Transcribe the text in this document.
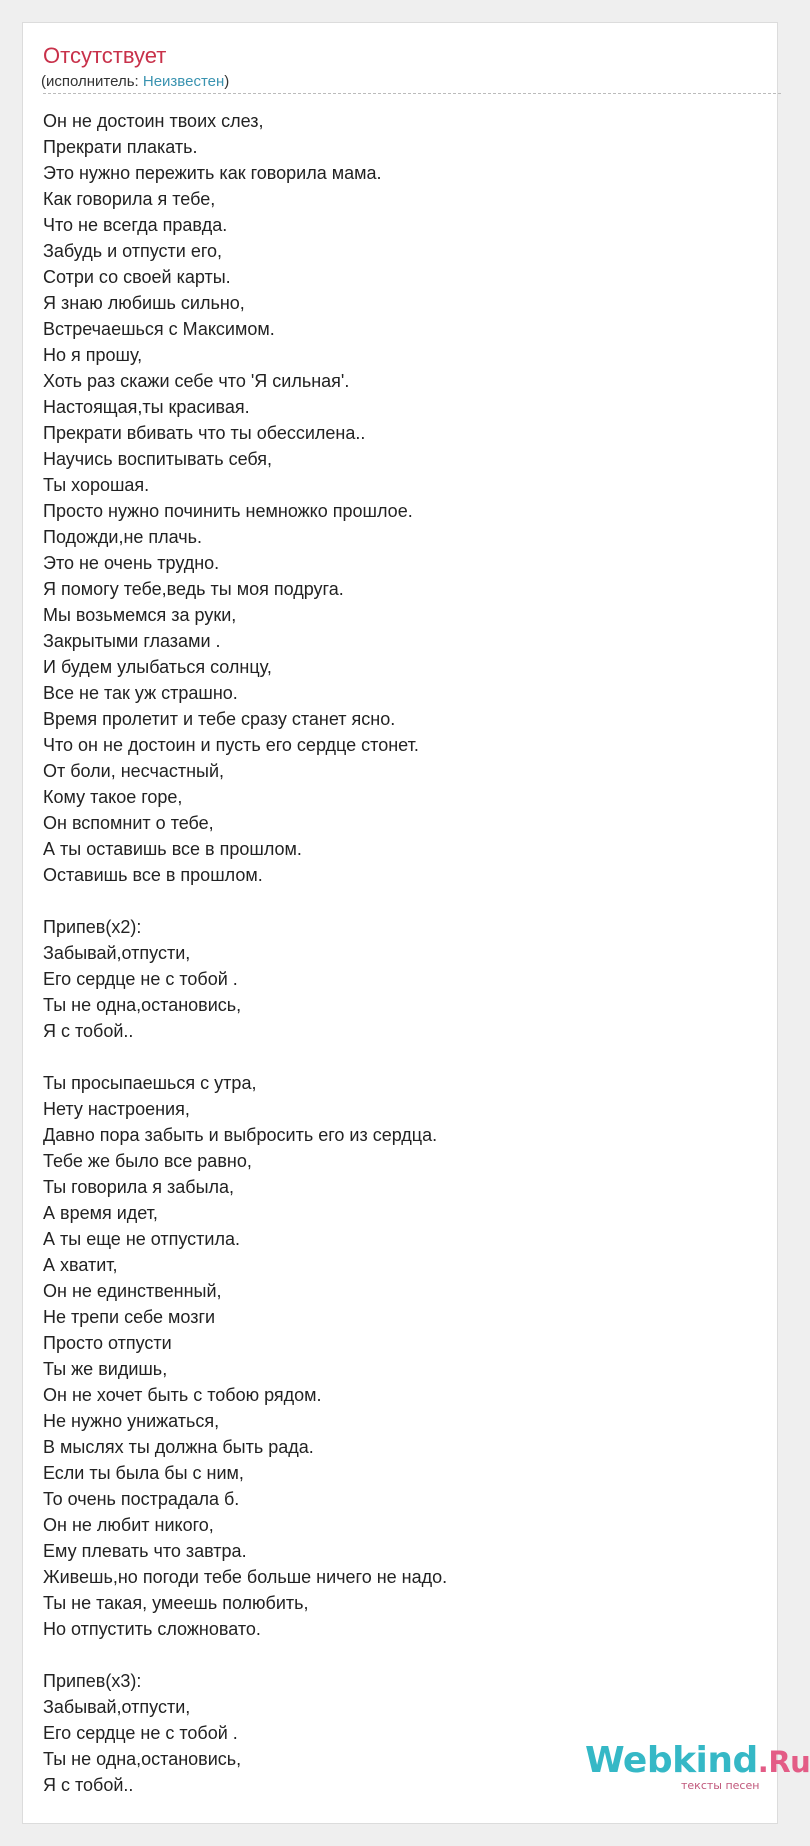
Отсутствует
(исполнитель: Неизвестен)
Он не достоин твоих слез,
Прекрати плакать.
Это нужно пережить как говорила мама.
Как говорила я тебе,
Что не всегда правда.
Забудь и отпусти его,
Сотри со своей карты.
Я знаю любишь сильно,
Встречаешься с Максимом.
Но я прошу,
Хоть раз скажи себе что 'Я сильная'.
Настоящая,ты красивая.
Прекрати вбивать что ты обессилена..
Научись воспитывать себя,
Ты хорошая.
Просто нужно починить немножко прошлое.
Подожди,не плачь.
Это не очень трудно.
Я помогу тебе,ведь ты моя подруга.
Мы возьмемся за руки,
Закрытыми глазами .
И будем улыбаться солнцу,
Все не так уж страшно.
Время пролетит и тебе сразу станет ясно.
Что он не достоин и пусть его сердце стонет.
От боли, несчастный,
Кому такое горе,
Он вспомнит о тебе,
А ты оставишь все в прошлом.
Оставишь все в прошлом.
Припев(x2):
Забывай,отпусти,
Его сердце не с тобой .
Ты не одна,остановись,
Я с тобой..
Ты просыпаешься с утра,
Нету настроения,
Давно пора забыть и выбросить его из сердца.
Тебе же было все равно,
Ты говорила я забыла,
А время идет,
А ты еще не отпустила.
А хватит,
Он не единственный,
Не трепи себе мозги
Просто отпусти
Ты же видишь,
Он не хочет быть с тобою рядом.
Не нужно унижаться,
В мыслях ты должна быть рада.
Если ты была бы с ним,
То очень пострадала б.
Он не любит никого,
Ему плевать что завтра.
Живешь,но погоди тебе больше ничего не надо.
Ты не такая, умеешь полюбить,
Но отпустить сложновато.
Припев(x3):
Забывай,отпусти,
Его сердце не с тобой .
Ты не одна,остановись,
Я с тобой..
Webkind.Ru
тексты песен
